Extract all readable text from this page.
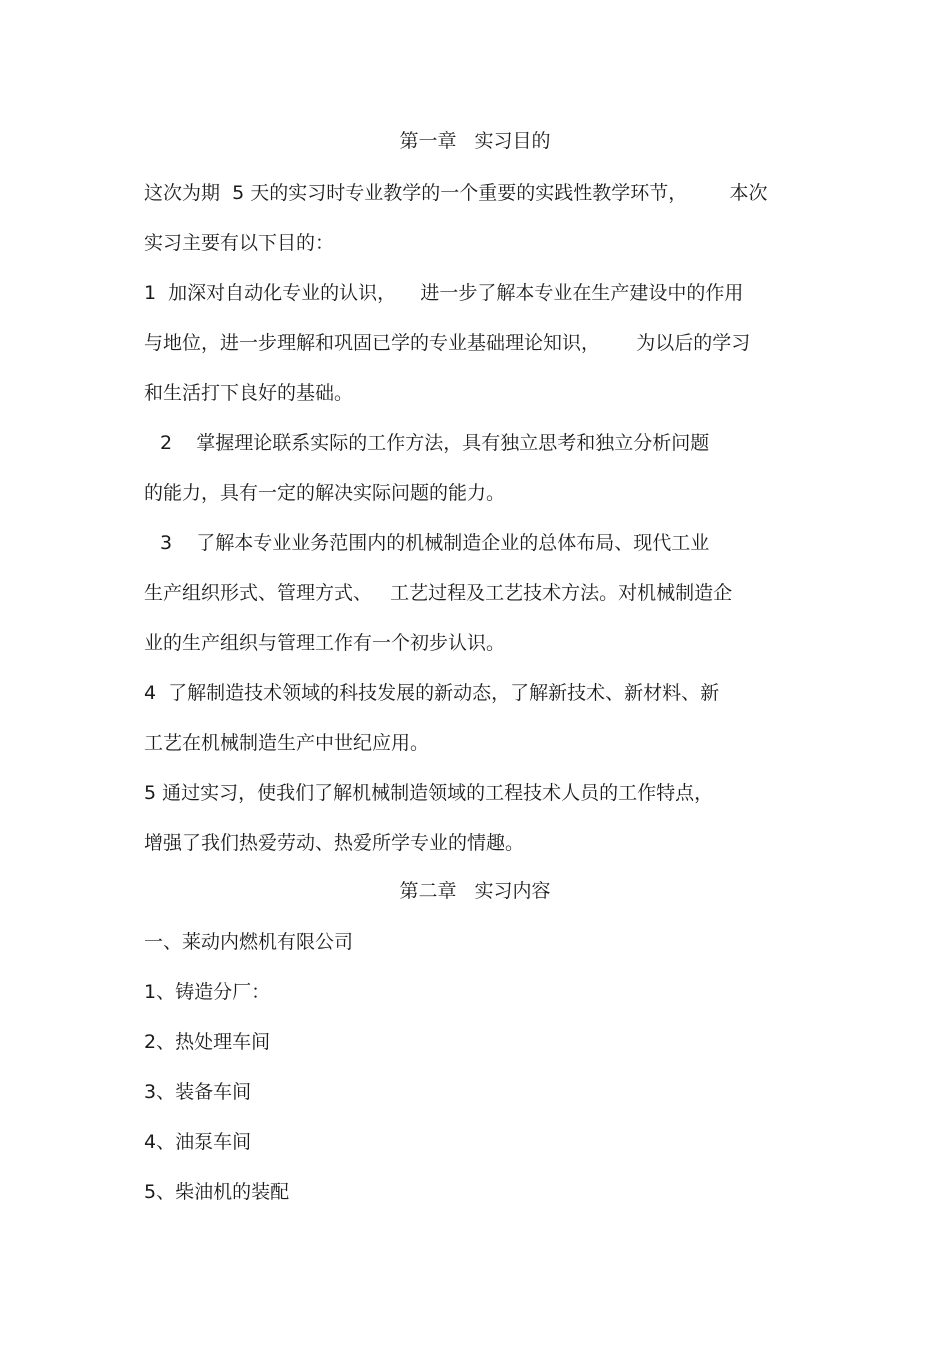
第一章   实习目的

这次为期  5 天的实习时专业教学的一个重要的实践性教学环节，       本次

实习主要有以下目的：

1  加深对自动化专业的认识，    进一步了解本专业在生产建设中的作用

与地位，进一步理解和巩固已学的专业基础理论知识，      为以后的学习

和生活打下良好的基础。

2    掌握理论联系实际的工作方法，具有独立思考和独立分析问题

的能力，具有一定的解决实际问题的能力。

3    了解本专业业务范围内的机械制造企业的总体布局、现代工业

生产组织形式、管理方式、   工艺过程及工艺技术方法。对机械制造企

业的生产组织与管理工作有一个初步认识。

4  了解制造技术领域的科技发展的新动态，了解新技术、新材料、新

工艺在机械制造生产中世纪应用。

5 通过实习，使我们了解机械制造领域的工程技术人员的工作特点，

增强了我们热爱劳动、热爱所学专业的情趣。

第二章   实习内容

一、莱动内燃机有限公司

1、铸造分厂：

2、热处理车间

3、装备车间

4、油泵车间

5、柴油机的装配
